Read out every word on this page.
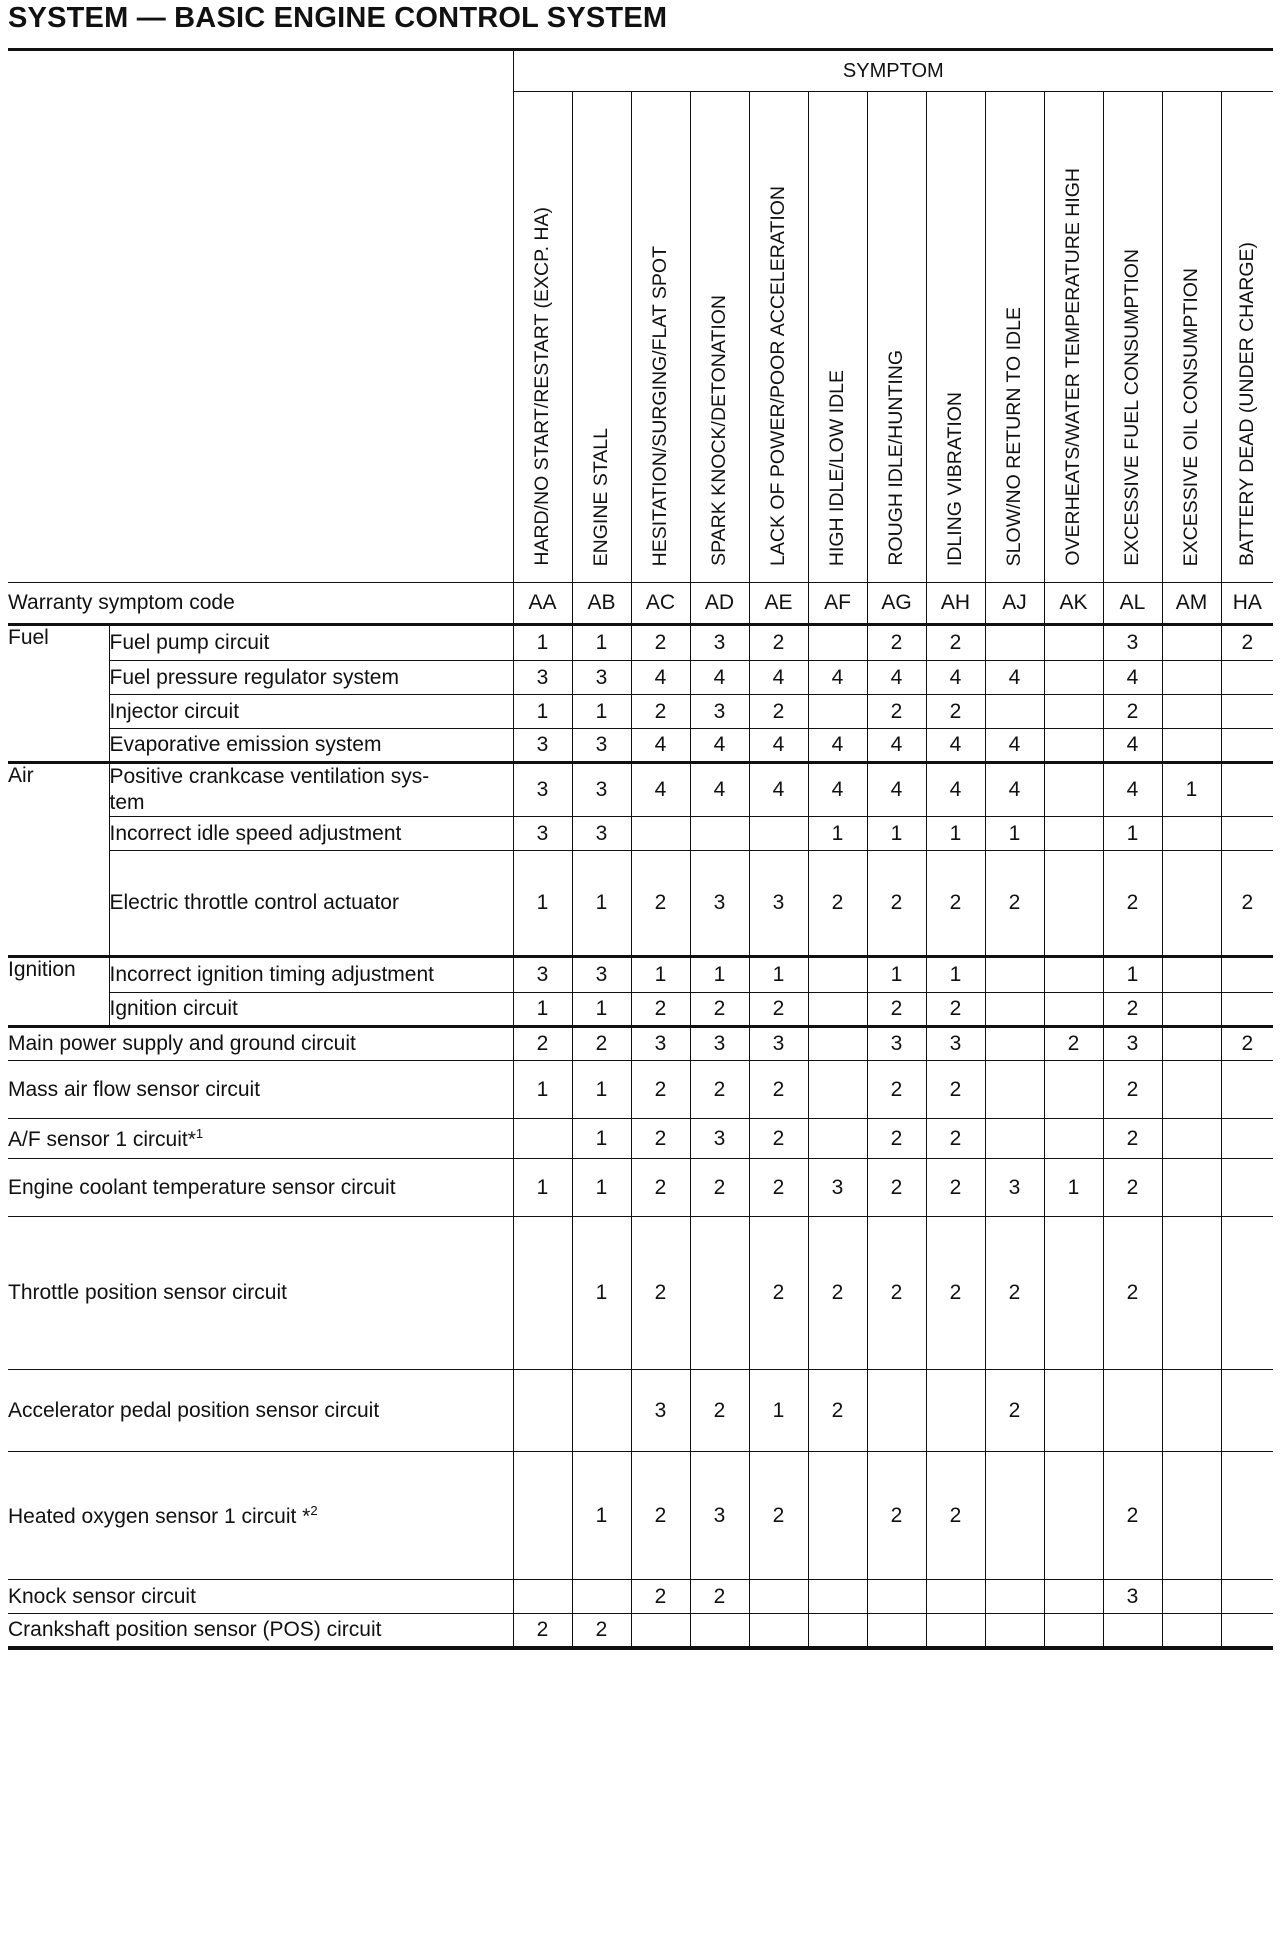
SYSTEM — BASIC ENGINE CONTROL SYSTEM
		SYMPTOM												
		HARD/NO START/RESTART (EXCP. HA)	ENGINE STALL	HESITATION/SURGING/FLAT SPOT	SPARK KNOCK/DETONATION	LACK OF POWER/POOR ACCELERATION	HIGH IDLE/LOW IDLE	ROUGH IDLE/HUNTING	IDLING VIBRATION	SLOW/NO RETURN TO IDLE	OVERHEATS/WATER TEMPERATURE HIGH	EXCESSIVE FUEL CONSUMPTION	EXCESSIVE OIL CONSUMPTION	BATTERY DEAD (UNDER CHARGE)
Warranty symptom code		AA	AB	AC	AD	AE	AF	AG	AH	AJ	AK	AL	AM	HA
Fuel	Fuel pump circuit	1	1	2	3	2		2	2			3		2
	Fuel pressure regulator system	3	3	4	4	4	4	4	4	4		4		
	Injector circuit	1	1	2	3	2		2	2			2		
	Evaporative emission system	3	3	4	4	4	4	4	4	4		4		
Air	Positive crankcase ventilation sys-
tem	3	3	4	4	4	4	4	4	4		4	1	
	Incorrect idle speed adjustment	3	3				1	1	1	1		1		
	Electric throttle control actuator	1	1	2	3	3	2	2	2	2		2		2
Ignition	Incorrect ignition timing adjustment	3	3	1	1	1		1	1			1		
	Ignition circuit	1	1	2	2	2		2	2			2		
Main power supply and ground circuit		2	2	3	3	3		3	3		2	3		2
Mass air flow sensor circuit		1	1	2	2	2		2	2			2		
A/F sensor 1 circuit*$^1$			1	2	3	2		2	2			2		
Engine coolant temperature sensor circuit		1	1	2	2	2	3	2	2	3	1	2		
Throttle position sensor circuit			1	2		2	2	2	2	2		2		
Accelerator pedal position sensor circuit				3	2	1	2			2				
Heated oxygen sensor 1 circuit *$^2$			1	2	3	2		2	2			2		
Knock sensor circuit				2	2							3		
Crankshaft position sensor (POS) circuit		2	2											
